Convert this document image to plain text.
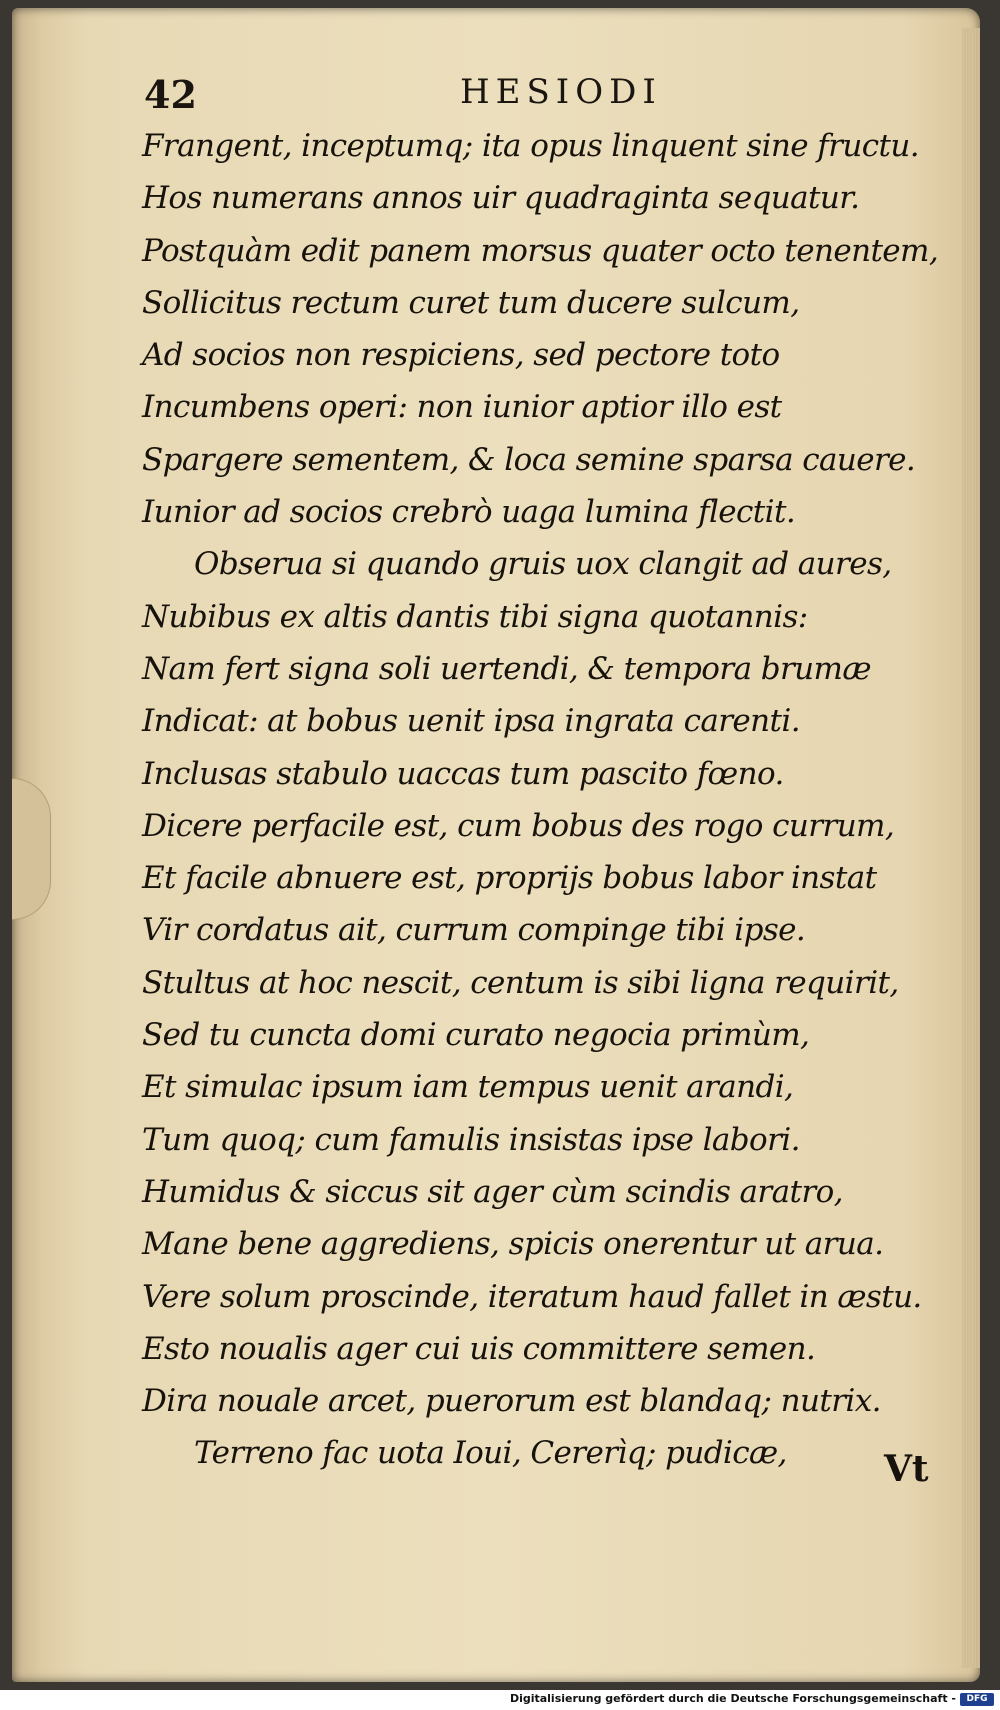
42	HESIODI
Frangent, inceptumq; ita opus linquent sine fructu.
Hos numerans annos uir quadraginta sequatur.
Postquàm edit panem morsus quater octo tenentem,
Sollicitus rectum curet tum ducere sulcum,
Ad socios non respiciens, sed pectore toto
Incumbens operi: non iunior aptior illo est
Spargere sementem, & loca semine sparsa cauere.
Iunior ad socios crebrò uaga lumina flectit.
Obserua si quando gruis uox clangit ad aures,
Nubibus ex altis dantis tibi signa quotannis:
Nam fert signa soli uertendi, & tempora brumæ
Indicat: at bobus uenit ipsa ingrata carenti.
Inclusas stabulo uaccas tum pascito fœno.
Dicere perfacile est, cum bobus des rogo currum,
Et facile abnuere est, proprijs bobus labor instat
Vir cordatus ait, currum compinge tibi ipse.
Stultus at hoc nescit, centum is sibi ligna requirit,
Sed tu cuncta domi curato negocia primùm,
Et simulac ipsum iam tempus uenit arandi,
Tum quoq; cum famulis insistas ipse labori.
Humidus & siccus sit ager cùm scindis aratro,
Mane bene aggrediens, spicis onerentur ut arua.
Vere solum proscinde, iteratum haud fallet in æstu.
Esto noualis ager cui uis committere semen.
Dira nouale arcet, puerorum est blandaq; nutrix.
Terreno fac uota Ioui, Cererìq; pudicæ,	Vt
Digitalisierung gefördert durch die Deutsche Forschungsgemeinschaft -	DFG
